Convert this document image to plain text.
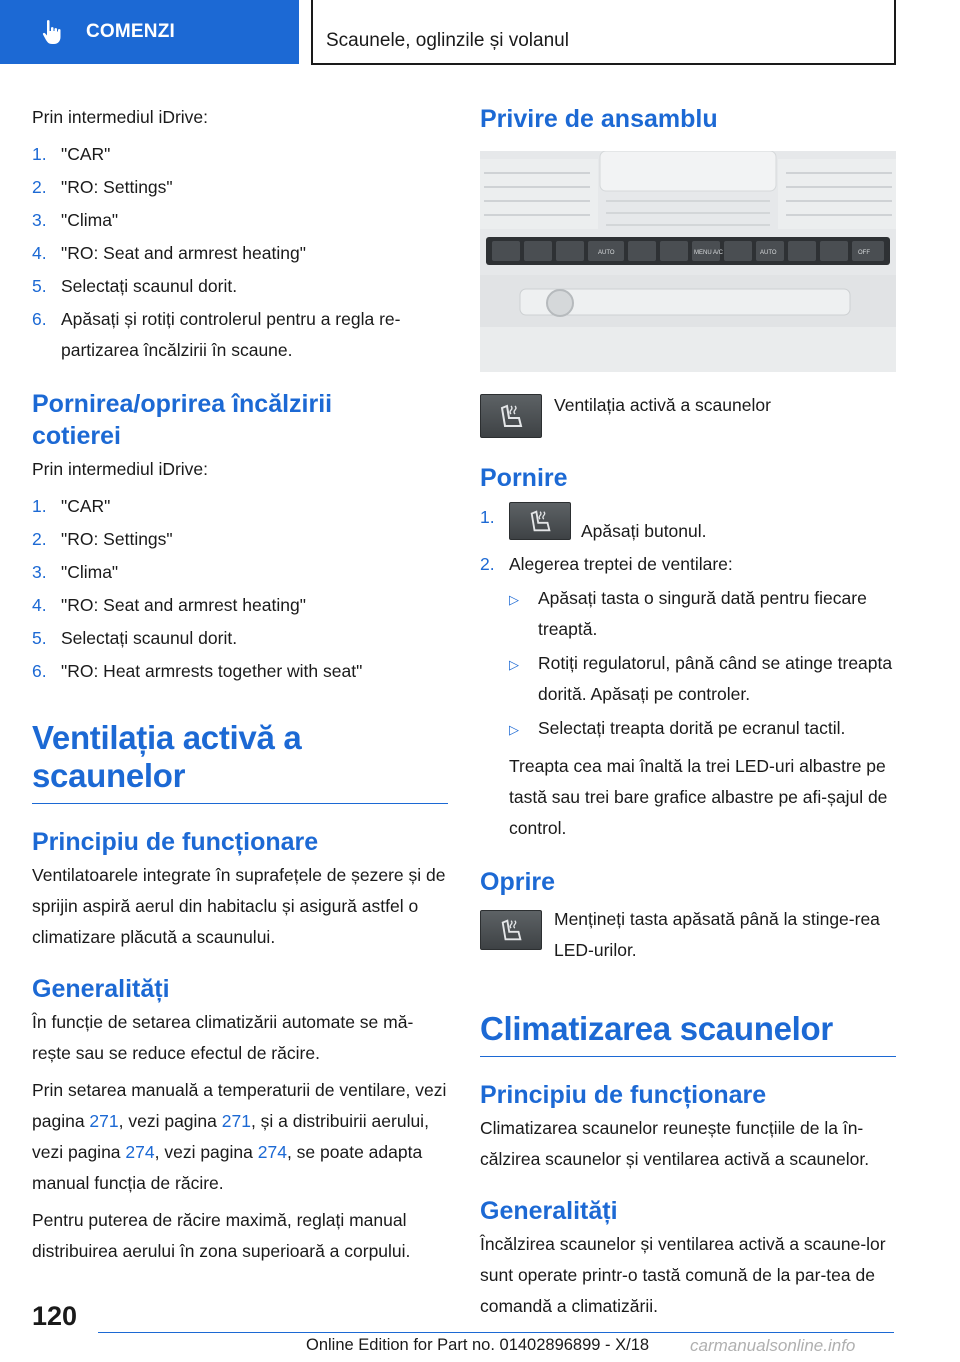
COMENZI	Scaunele, oglinzile și volanul

Prin intermediul iDrive:

1. "CAR"
2. "RO: Settings"
3. "Clima"
4. "RO: Seat and armrest heating"
5. Selectați scaunul dorit.
6. Apăsați și rotiți controlerul pentru a regla re‐partizarea încălzirii în scaune.
Pornirea/oprirea încălzirii cotierei

Prin intermediul iDrive:

1. "CAR"
2. "RO: Settings"
3. "Clima"
4. "RO: Seat and armrest heating"
5. Selectați scaunul dorit.
6. "RO: Heat armrests together with seat"
Ventilația activă a scaunelor
Principiu de funcționare

Ventilatoarele integrate în suprafețele de șezere și de sprijin aspiră aerul din habitaclu și asigură astfel o climatizare plăcută a scaunului.

Generalități

În funcție de setarea climatizării automate se mă‐rește sau se reduce efectul de răcire.

Prin setarea manuală a temperaturii de ventilare, vezi pagina 271, vezi pagina 271, și a distribuirii aerului, vezi pagina 274, vezi pagina 274, se poate adapta manual funcția de răcire.

Pentru puterea de răcire maximă, reglați manual distribuirea aerului în zona superioară a corpului.

Privire de ansamblu
AUTO	MENU A/C	AUTO	OFF

Ventilația activă a scaunelor

Pornire
1.
Apăsați butonul.
2. Alegerea treptei de ventilare:
▷	Apăsați tasta o singură dată pentru fiecare treaptă.
▷	Rotiți regulatorul, până când se atinge treapta dorită. Apăsați pe controler.
▷	Selectați treapta dorită pe ecranul tactil.

Treapta cea mai înaltă la trei LED-uri albastre pe tastă sau trei bare grafice albastre pe afi‐șajul de control.

Oprire

Mențineți tasta apăsată până la stinge‐rea LED-urilor.

Climatizarea scaunelor
Principiu de funcționare

Climatizarea scaunelor reunește funcțiile de la în‐călzirea scaunelor și ventilarea activă a scaunelor.

Generalități

Încălzirea scaunelor și ventilarea activă a scaune‐lor sunt operate printr-o tastă comună de la par‐tea de comandă a climatizării.

120
Online Edition for Part no. 01402896899 - X/18 carmanualsonline.info
